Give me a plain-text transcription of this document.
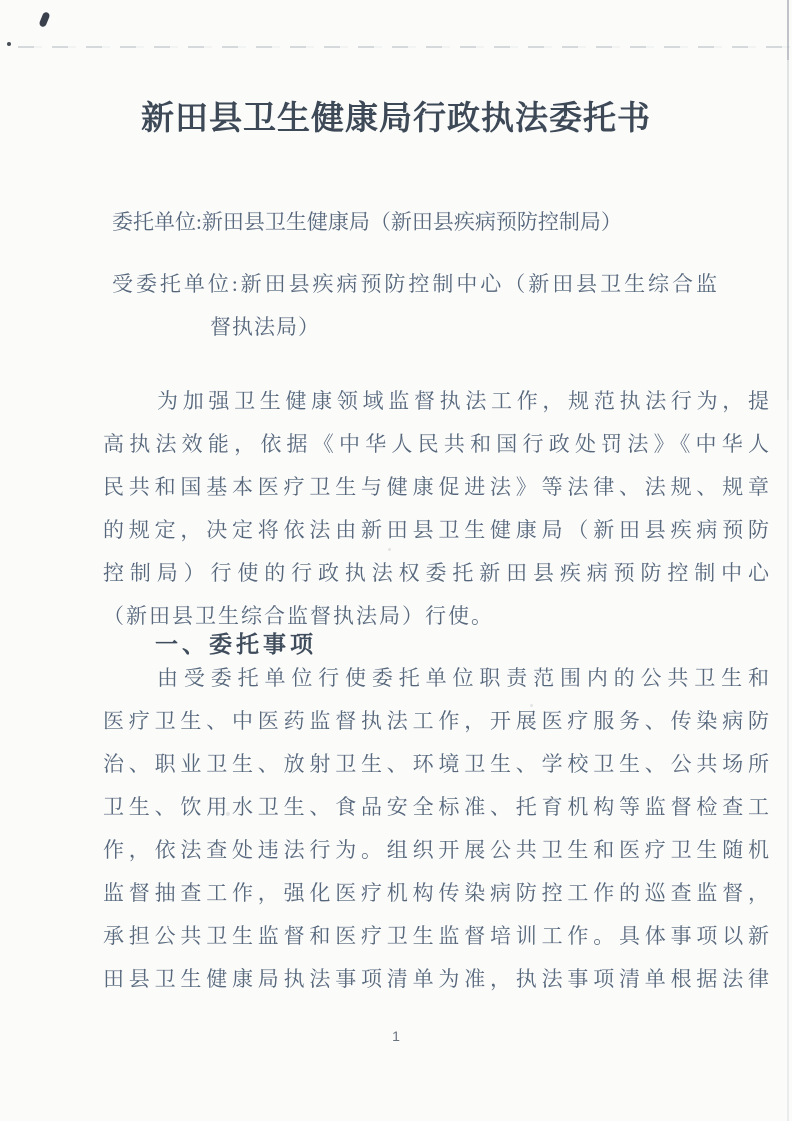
新田县卫生健康局行政执法委托书
委托单位:新田县卫生健康局（新田县疾病预防控制局）
受委托单位:新田县疾病预防控制中心（新田县卫生综合监
督执法局）
为加强卫生健康领域监督执法工作，规范执法行为，提
高执法效能，依据《中华人民共和国行政处罚法》《中华人
民共和国基本医疗卫生与健康促进法》等法律、法规、规章
的规定，决定将依法由新田县卫生健康局（新田县疾病预防
控制局）行使的行政执法权委托新田县疾病预防控制中心
（新田县卫生综合监督执法局）行使。
一、委托事项
由受委托单位行使委托单位职责范围内的公共卫生和
医疗卫生、中医药监督执法工作，开展医疗服务、传染病防
治、职业卫生、放射卫生、环境卫生、学校卫生、公共场所
卫生、饮用水卫生、食品安全标准、托育机构等监督检查工
作，依法查处违法行为。组织开展公共卫生和医疗卫生随机
监督抽查工作，强化医疗机构传染病防控工作的巡查监督，
承担公共卫生监督和医疗卫生监督培训工作。具体事项以新
田县卫生健康局执法事项清单为准，执法事项清单根据法律
1
